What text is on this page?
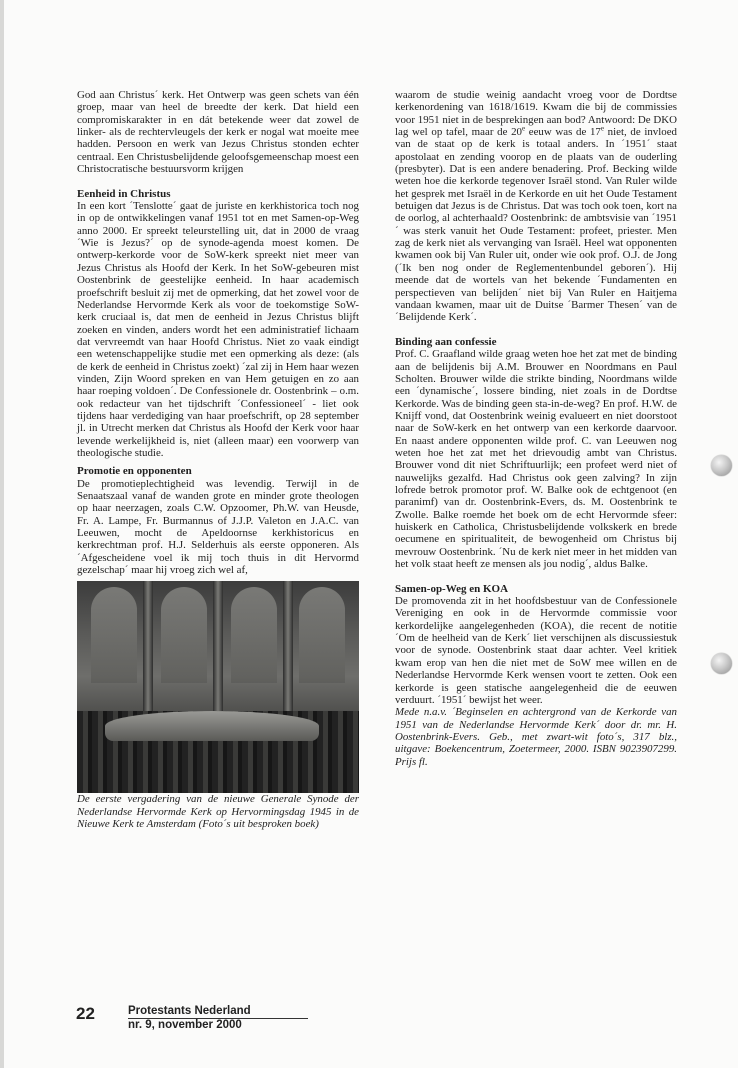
God aan Christus´ kerk. Het Ontwerp was geen schets van één groep, maar van heel de breedte der kerk. Dat hield een compromiskarakter in en dát betekende weer dat zowel de linker- als de rechtervleugels der kerk er nogal wat moeite mee hadden. Persoon en werk van Jezus Christus stonden echter centraal. Een Christusbelijdende geloofsgemeenschap moest een Christocratische bestuursvorm krijgen

Eenheid in Christus

In een kort ´Tenslotte´ gaat de juriste en kerkhistorica toch nog in op de ontwikkelingen vanaf 1951 tot en met Samen-op-Weg anno 2000. Er spreekt teleurstelling uit, dat in 2000 de vraag ´Wie is Jezus?´ op de synode-agenda moest komen. De ontwerp-kerkorde voor de SoW-kerk spreekt niet meer van Jezus Christus als Hoofd der Kerk. In het SoW-gebeuren mist Oostenbrink de geestelijke eenheid. In haar academisch proefschrift besluit zij met de opmerking, dat het zowel voor de Nederlandse Hervormde Kerk als voor de toekomstige SoW-kerk cruciaal is, dat men de eenheid in Jezus Christus blijft zoeken en vinden, anders wordt het een administratief lichaam dat vervreemdt van haar Hoofd Christus. Niet zo vaak eindigt een wetenschappelijke studie met een opmerking als deze: (als de kerk de eenheid in Christus zoekt) ´zal zij in Hem haar wezen vinden, Zijn Woord spreken en van Hem getuigen en zo aan haar roeping voldoen´. De Confessionele dr. Oostenbrink – o.m. ook redacteur van het tijdschrift ´Confessioneel´ - liet ook tijdens haar verdediging van haar proefschrift, op 28 september jl. in Utrecht merken dat Christus als Hoofd der Kerk voor haar levende werkelijkheid is, niet (alleen maar) een voorwerp van theologische studie.

Promotie en opponenten

De promotieplechtigheid was levendig. Terwijl in de Senaatszaal vanaf de wanden grote en minder grote theologen op haar neerzagen, zoals C.W. Opzoomer, Ph.W. van Heusde, Fr. A. Lampe, Fr. Burmannus of J.J.P. Valeton en J.A.C. van Leeuwen, mocht de Apeldoornse kerkhistoricus en kerkrechtman prof. H.J. Selderhuis als eerste opponeren. Als ´Afgescheidene voel ik mij toch thuis in dit Hervormd gezelschap´ maar hij vroeg zich wel af,

De eerste vergadering van de nieuwe Generale Synode der Nederlandse Hervormde Kerk op Hervormingsdag 1945 in de Nieuwe Kerk te Amsterdam (Foto´s uit besproken boek)

waarom de studie weinig aandacht vroeg voor de Dordtse kerkenordening van 1618/1619. Kwam die bij de commissies voor 1951 niet in de besprekingen aan bod? Antwoord: De DKO lag wel op tafel, maar de 20e eeuw was de 17e niet, de invloed van de staat op de kerk is totaal anders. In ´1951´ staat apostolaat en zending voorop en de plaats van de ouderling (presbyter). Dat is een andere benadering. Prof. Becking wilde weten hoe die kerkorde tegenover Israël stond. Van Ruler wilde het gesprek met Israël in de Kerkorde en uit het Oude Testament betuigen dat Jezus is de Christus. Dat was toch ook toen, kort na de oorlog, al achterhaald? Oostenbrink: de ambtsvisie van ´1951´ was sterk vanuit het Oude Testament: profeet, priester. Men zag de kerk niet als vervanging van Israël. Heel wat opponenten kwamen ook bij Van Ruler uit, onder wie ook prof. O.J. de Jong (´Ik ben nog onder de Reglementenbundel geboren´). Hij meende dat de wortels van het bekende ´Fundamenten en perspectieven van belijden´ niet bij Van Ruler en Haitjema vandaan kwamen, maar uit de Duitse ´Barmer Thesen´ van de ´Belijdende Kerk´.

Binding aan confessie

Prof. C. Graafland wilde graag weten hoe het zat met de binding aan de belijdenis bij A.M. Brouwer en Noordmans en Paul Scholten. Brouwer wilde die strikte binding, Noordmans wilde een ´dynamische´, lossere binding, niet zoals in de Dordtse Kerkorde. Was de binding geen sta-in-de-weg? En prof. H.W. de Knijff vond, dat Oostenbrink weinig evalueert en niet doorstoot naar de SoW-kerk en het ontwerp van een kerkorde daarvoor. En naast andere opponenten wilde prof. C. van Leeuwen nog weten hoe het zat met het drievoudig ambt van Christus. Brouwer vond dit niet Schriftuurlijk; een profeet werd niet of nauwelijks gezalfd. Had Christus ook geen zalving? In zijn lofrede betrok promotor prof. W. Balke ook de echtgenoot (en paranimf) van dr. Oostenbrink-Evers, ds. M. Oostenbrink te Zwolle. Balke roemde het boek om de echt Hervormde sfeer: huiskerk en Catholica, Christusbelijdende volkskerk en brede oecumene en spiritualiteit, de bewogenheid om Christus bij mevrouw Oostenbrink. ´Nu de kerk niet meer in het midden van het volk staat heeft ze mensen als jou nodig´, aldus Balke.

Samen-op-Weg en KOA

De promovenda zit in het hoofdsbestuur van de Confessionele Vereniging en ook in de Hervormde commissie voor kerkordelijke aangelegenheden (KOA), die recent de notitie ´Om de heelheid van de Kerk´ liet verschijnen als discussiestuk voor de synode. Oostenbrink staat daar achter. Veel kritiek kwam erop van hen die niet met de SoW mee willen en de Nederlandse Hervormde Kerk wensen voort te zetten. Ook een kerkorde is geen statische aangelegenheid die de eeuwen verduurt. ´1951´ bewijst het weer.

Mede n.a.v. ´Beginselen en achtergrond van de Kerkorde van 1951 van de Nederlandse Hervormde Kerk´ door dr. mr. H. Oostenbrink-Evers. Geb., met zwart-wit foto´s, 317 blz., uitgave: Boekencentrum, Zoetermeer, 2000. ISBN 9023907299. Prijs fl.

22	Protestants Nederland
nr. 9, november 2000
